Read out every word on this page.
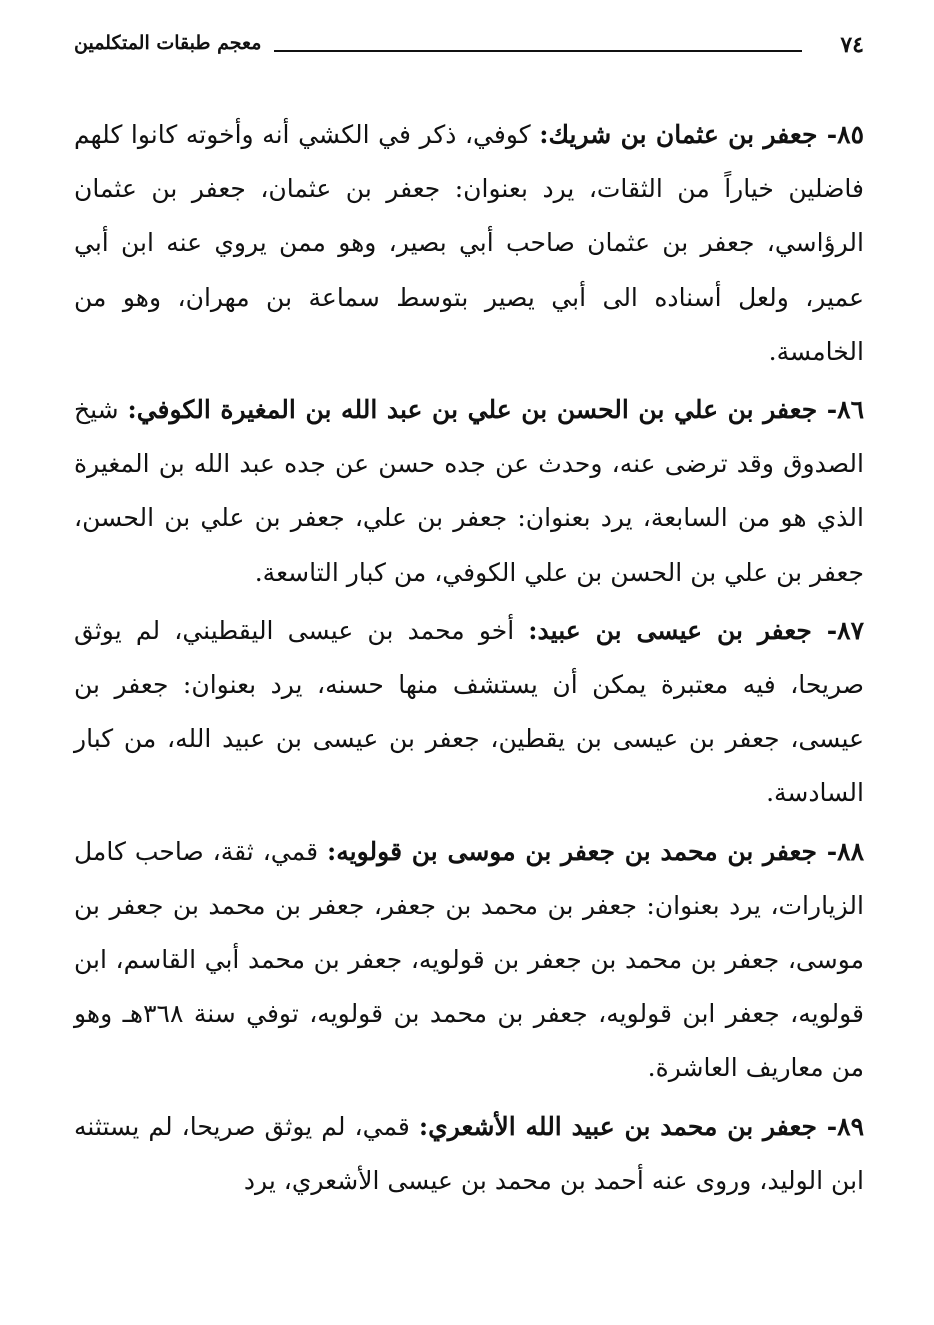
٧٤
معجم طبقات المتكلمين

٨٥- جعفر بن عثمان بن شريك: كوفي، ذكر في الكشي أنه وأخوته كانوا كلهم فاضلين خياراً من الثقات، يرد بعنوان: جعفر بن عثمان، جعفر بن عثمان الرؤاسي، جعفر بن عثمان صاحب أبي بصير، وهو ممن يروي عنه ابن أبي عمير، ولعل أسناده الى أبي يصير بتوسط سماعة بن مهران، وهو من الخامسة.

٨٦- جعفر بن علي بن الحسن بن علي بن عبد الله بن المغيرة الكوفي: شيخ الصدوق وقد ترضى عنه، وحدث عن جده حسن عن جده عبد الله بن المغيرة الذي هو من السابعة، يرد بعنوان: جعفر بن علي، جعفر بن علي بن الحسن، جعفر بن علي بن الحسن بن علي الكوفي، من كبار التاسعة.

٨٧- جعفر بن عيسى بن عبيد: أخو محمد بن عيسى اليقطيني، لم يوثق صريحا، فيه معتبرة يمكن أن يستشف منها حسنه، يرد بعنوان: جعفر بن عيسى، جعفر بن عيسى بن يقطين، جعفر بن عيسى بن عبيد الله، من كبار السادسة.

٨٨- جعفر بن محمد بن جعفر بن موسى بن قولويه: قمي، ثقة، صاحب كامل الزيارات، يرد بعنوان: جعفر بن محمد بن جعفر، جعفر بن محمد بن جعفر بن موسى، جعفر بن محمد بن جعفر بن قولويه، جعفر بن محمد أبي القاسم، ابن قولويه، جعفر ابن قولويه، جعفر بن محمد بن قولويه، توفي سنة ٣٦٨هـ وهو من معاريف العاشرة.

٨٩- جعفر بن محمد بن عبيد الله الأشعري: قمي، لم يوثق صريحا، لم يستثنه ابن الوليد، وروى عنه أحمد بن محمد بن عيسى الأشعري، يرد
